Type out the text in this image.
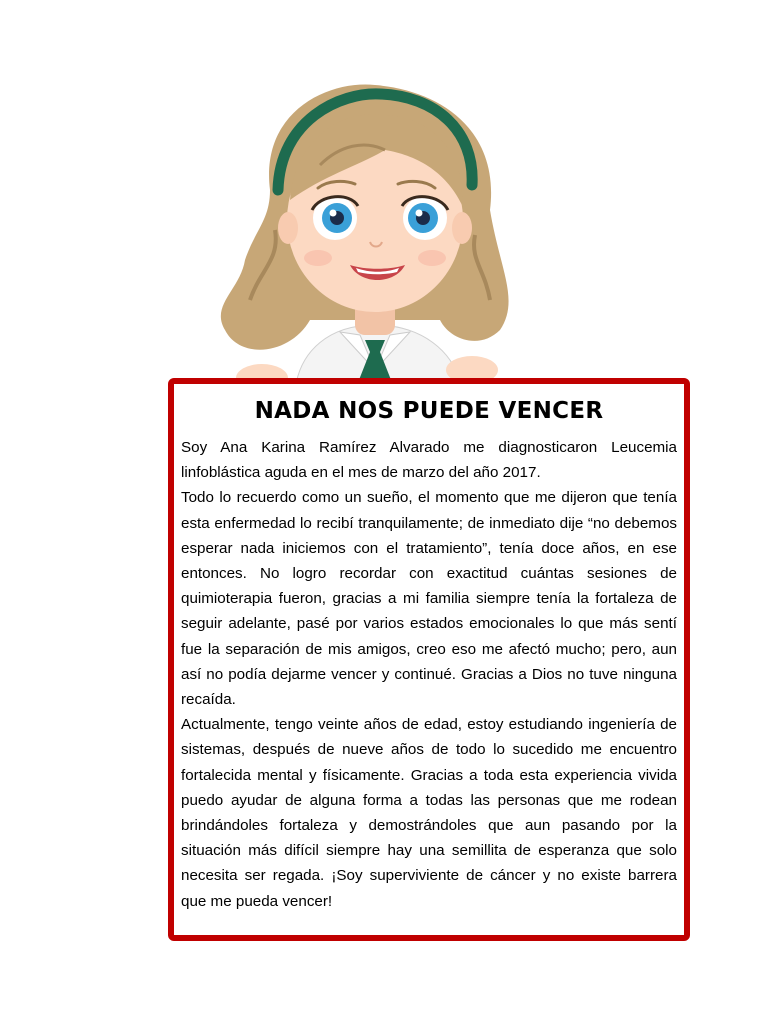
NADA NOS PUEDE VENCER

Soy Ana Karina Ramírez Alvarado me diagnosticaron Leucemia linfoblástica aguda en el mes de marzo del año 2017.

Todo lo recuerdo como un sueño, el momento que me dijeron que tenía esta enfermedad lo recibí tranquilamente; de inmediato dije “no debemos esperar nada iniciemos con el tratamiento”, tenía doce años, en ese entonces. No logro recordar con exactitud cuántas sesiones de quimioterapia fueron, gracias a mi familia siempre tenía la fortaleza de seguir adelante, pasé por varios estados emocionales lo que más sentí fue la separación de mis amigos, creo eso me afectó mucho; pero, aun así no podía dejarme vencer y continué. Gracias a Dios no tuve ninguna recaída.

Actualmente, tengo veinte años de edad, estoy estudiando ingeniería de sistemas, después de nueve años de todo lo sucedido me encuentro fortalecida mental y físicamente. Gracias a toda esta experiencia vivida puedo ayudar de alguna forma a todas las personas que me rodean brindándoles fortaleza y demostrándoles que aun pasando por la situación más difícil siempre hay una semillita de esperanza que solo necesita ser regada. ¡Soy superviviente de cáncer y no existe barrera que me pueda vencer!
